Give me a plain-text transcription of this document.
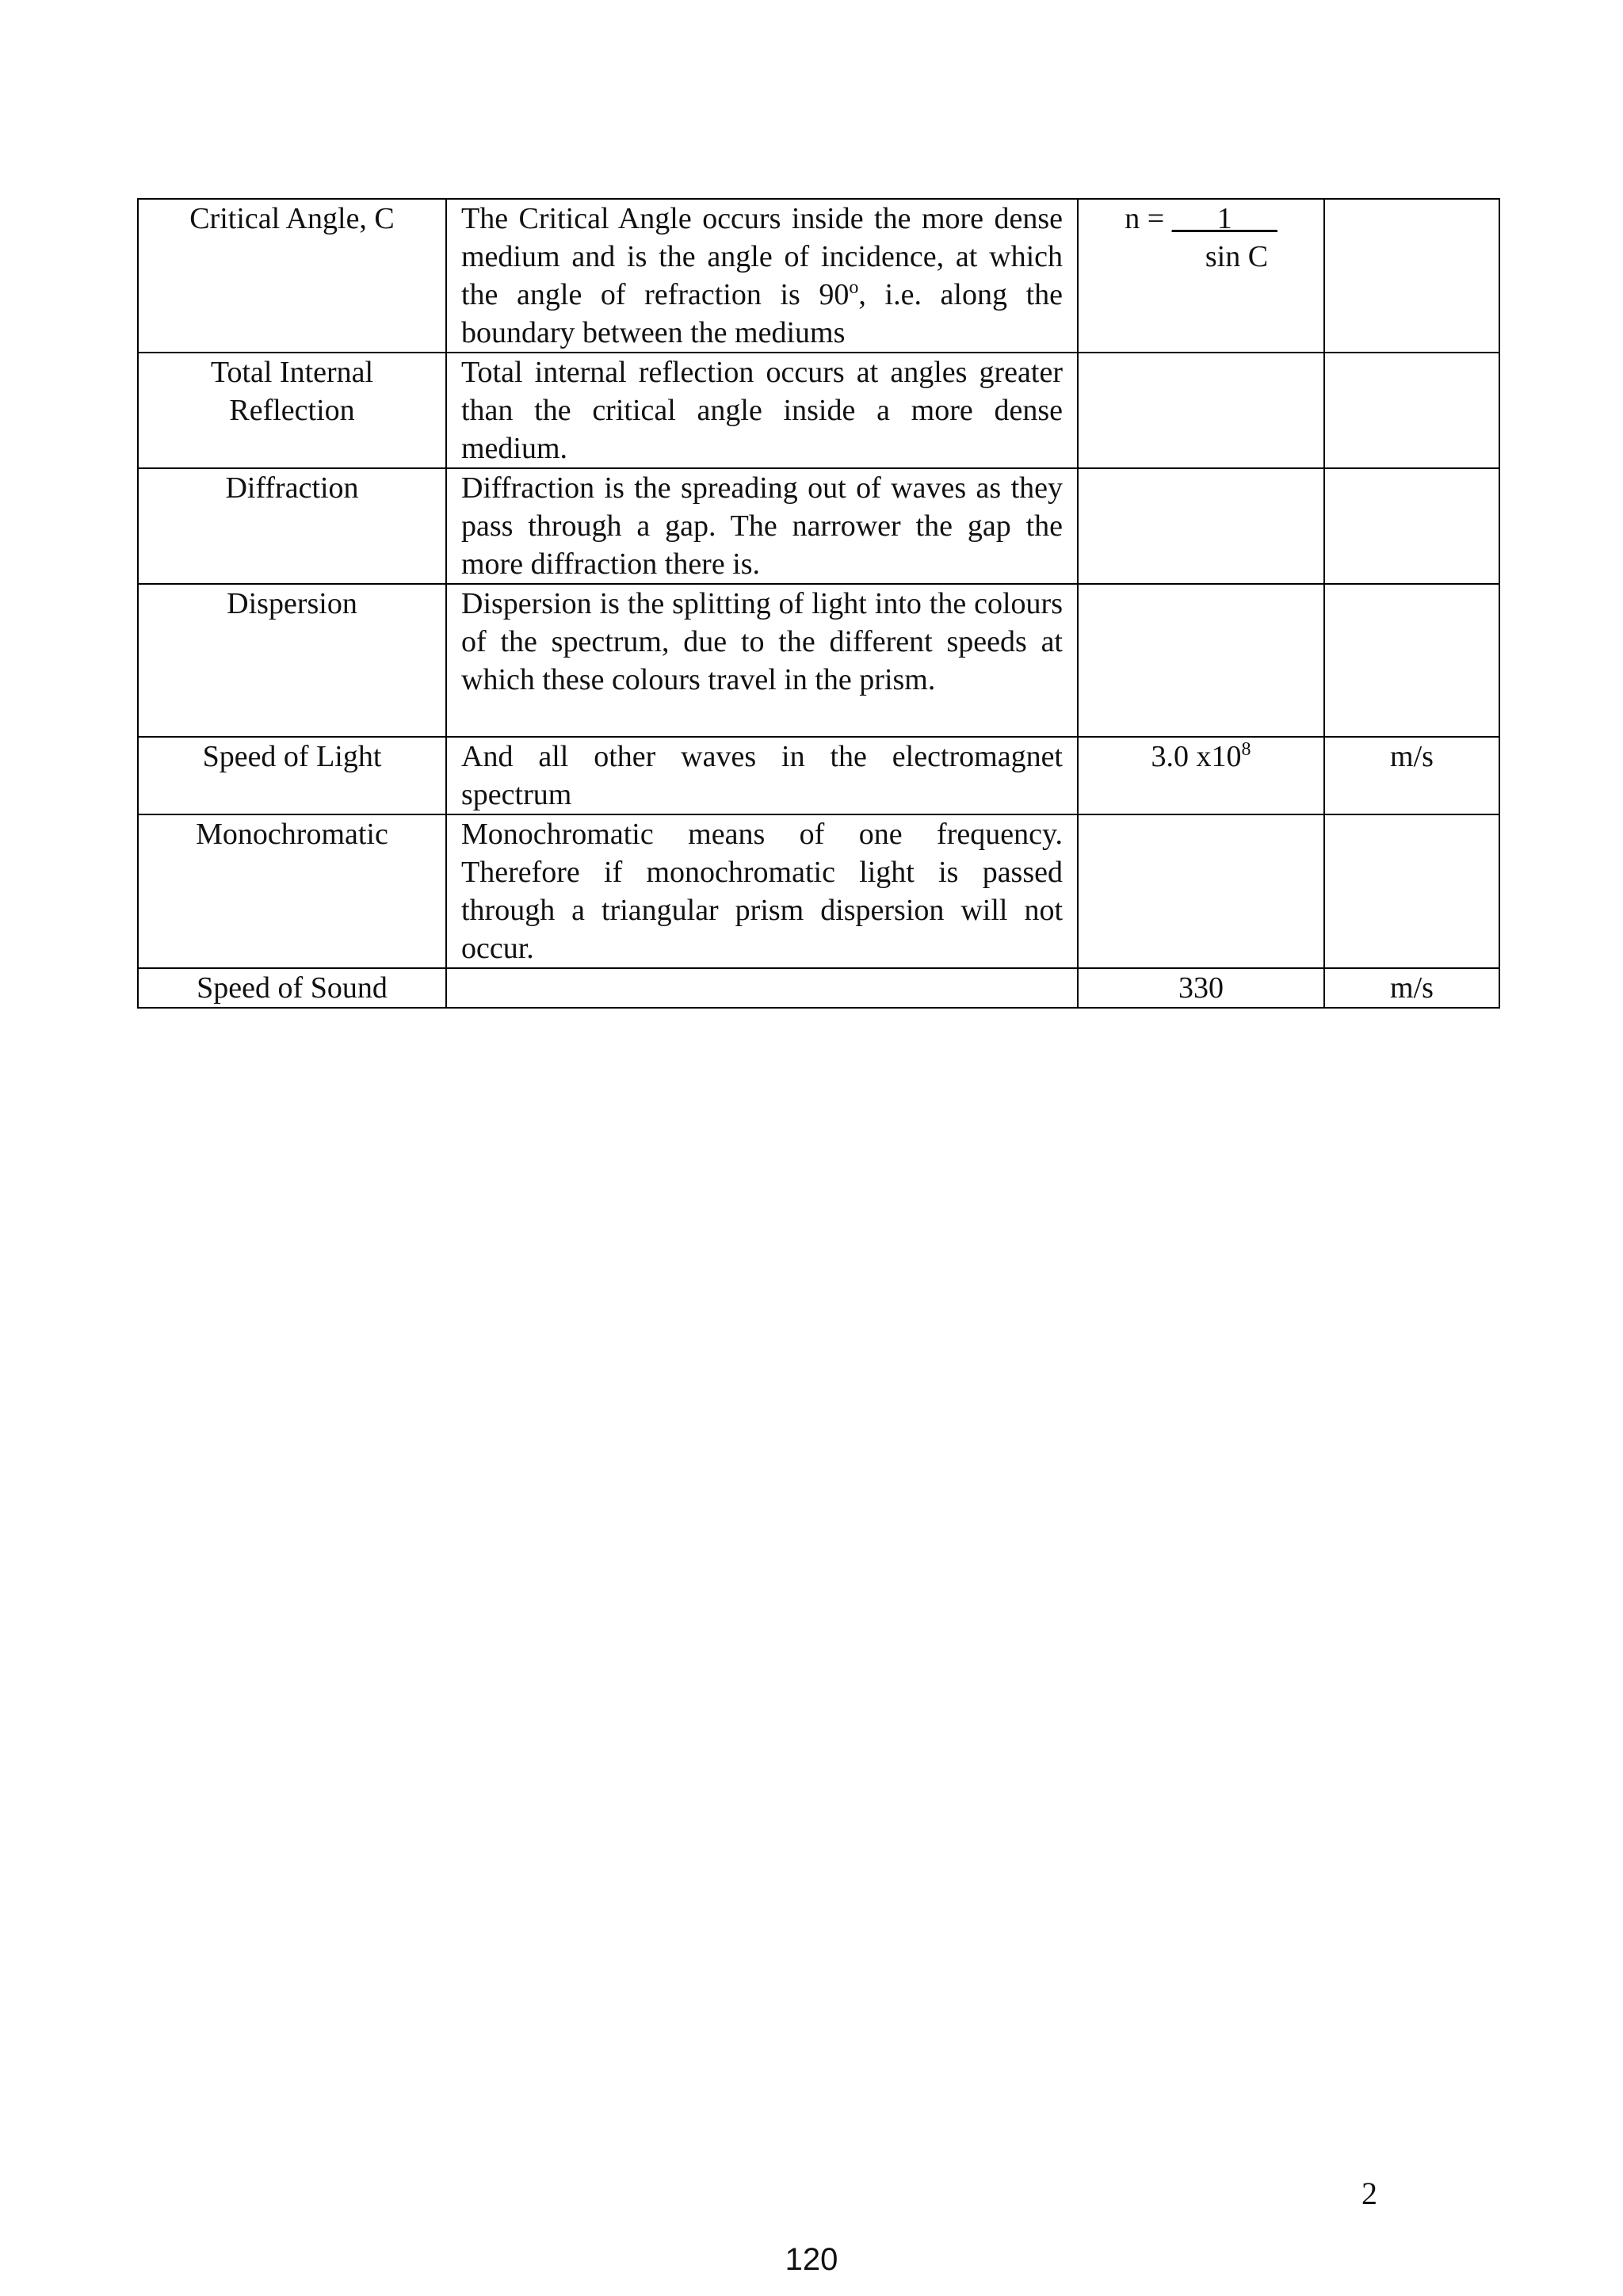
Critical Angle, C	The Critical Angle occurs inside the more dense medium and is the angle of incidence, at which the angle of refraction is 90$^o$, i.e. along the boundary between the mediums	n = ___1___
sin C	

Total Internal Reflection	Total internal reflection occurs at angles greater than the critical angle inside a more dense medium.		
Diffraction	Diffraction is the spreading out of waves as they pass through a gap. The narrower the gap the more diffraction there is.		
Dispersion	Dispersion is the splitting of light into the colours of the spectrum, due to the different speeds at which these colours travel in the prism.		
Speed of Light	And all other waves in the electromagnet spectrum	3.0 $x10^8$	m/s
Monochromatic	Monochromatic means of one frequency. Therefore if monochromatic light is passed through a triangular prism dispersion will not occur.		
Speed of Sound		330	m/s
2
120
